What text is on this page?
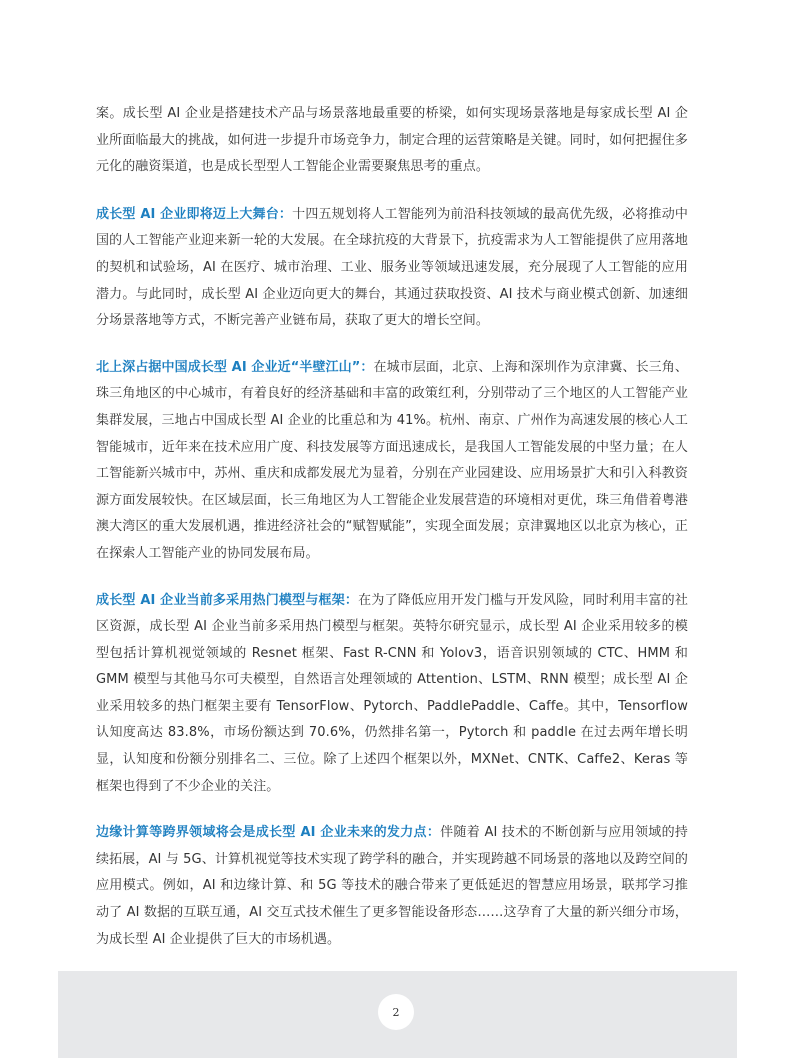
案。成长型 AI 企业是搭建技术产品与场景落地最重要的桥梁，如何实现场景落地是每家成长型 AI 企业所面临最大的挑战，如何进一步提升市场竞争力，制定合理的运营策略是关键。同时，如何把握住多元化的融资渠道，也是成长型型人工智能企业需要聚焦思考的重点。

成长型 AI 企业即将迈上大舞台：十四五规划将人工智能列为前沿科技领域的最高优先级，必将推动中国的人工智能产业迎来新一轮的大发展。在全球抗疫的大背景下，抗疫需求为人工智能提供了应用落地的契机和试验场，AI 在医疗、城市治理、工业、服务业等领域迅速发展，充分展现了人工智能的应用潜力。与此同时，成长型 AI 企业迈向更大的舞台，其通过获取投资、AI 技术与商业模式创新、加速细分场景落地等方式，不断完善产业链布局，获取了更大的增长空间。

北上深占据中国成长型 AI 企业近“半壁江山”：在城市层面，北京、上海和深圳作为京津冀、长三角、珠三角地区的中心城市，有着良好的经济基础和丰富的政策红利，分别带动了三个地区的人工智能产业集群发展，三地占中国成长型 AI 企业的比重总和为 41%。杭州、南京、广州作为高速发展的核心人工智能城市，近年来在技术应用广度、科技发展等方面迅速成长，是我国人工智能发展的中坚力量；在人工智能新兴城市中，苏州、重庆和成都发展尤为显着，分别在产业园建设、应用场景扩大和引入科教资源方面发展较快。在区域层面，长三角地区为人工智能企业发展营造的环境相对更优，珠三角借着粤港澳大湾区的重大发展机遇，推进经济社会的“赋智赋能”，实现全面发展；京津翼地区以北京为核心，正在探索人工智能产业的协同发展布局。

成长型 AI 企业当前多采用热门模型与框架：在为了降低应用开发门槛与开发风险，同时利用丰富的社区资源，成长型 AI 企业当前多采用热门模型与框架。英特尔研究显示，成长型 AI 企业采用较多的模型包括计算机视觉领域的 Resnet 框架、Fast R-CNN 和 Yolov3，语音识别领域的 CTC、HMM 和 GMM 模型与其他马尔可夫模型，自然语言处理领域的 Attention、LSTM、RNN 模型；成长型 AI 企业采用较多的热门框架主要有 TensorFlow、Pytorch、PaddlePaddle、Caffe。其中，Tensorflow 认知度高达 83.8%，市场份额达到 70.6%，仍然排名第一，Pytorch 和 paddle 在过去两年增长明显，认知度和份额分别排名二、三位。除了上述四个框架以外，MXNet、CNTK、Caffe2、Keras 等框架也得到了不少企业的关注。

边缘计算等跨界领域将会是成长型 AI 企业未来的发力点：伴随着 AI 技术的不断创新与应用领域的持续拓展，AI 与 5G、计算机视觉等技术实现了跨学科的融合，并实现跨越不同场景的落地以及跨空间的应用模式。例如，AI 和边缘计算、和 5G 等技术的融合带来了更低延迟的智慧应用场景，联邦学习推动了 AI 数据的互联互通，AI 交互式技术催生了更多智能设备形态……这孕育了大量的新兴细分市场，为成长型 AI 企业提供了巨大的市场机遇。

2
